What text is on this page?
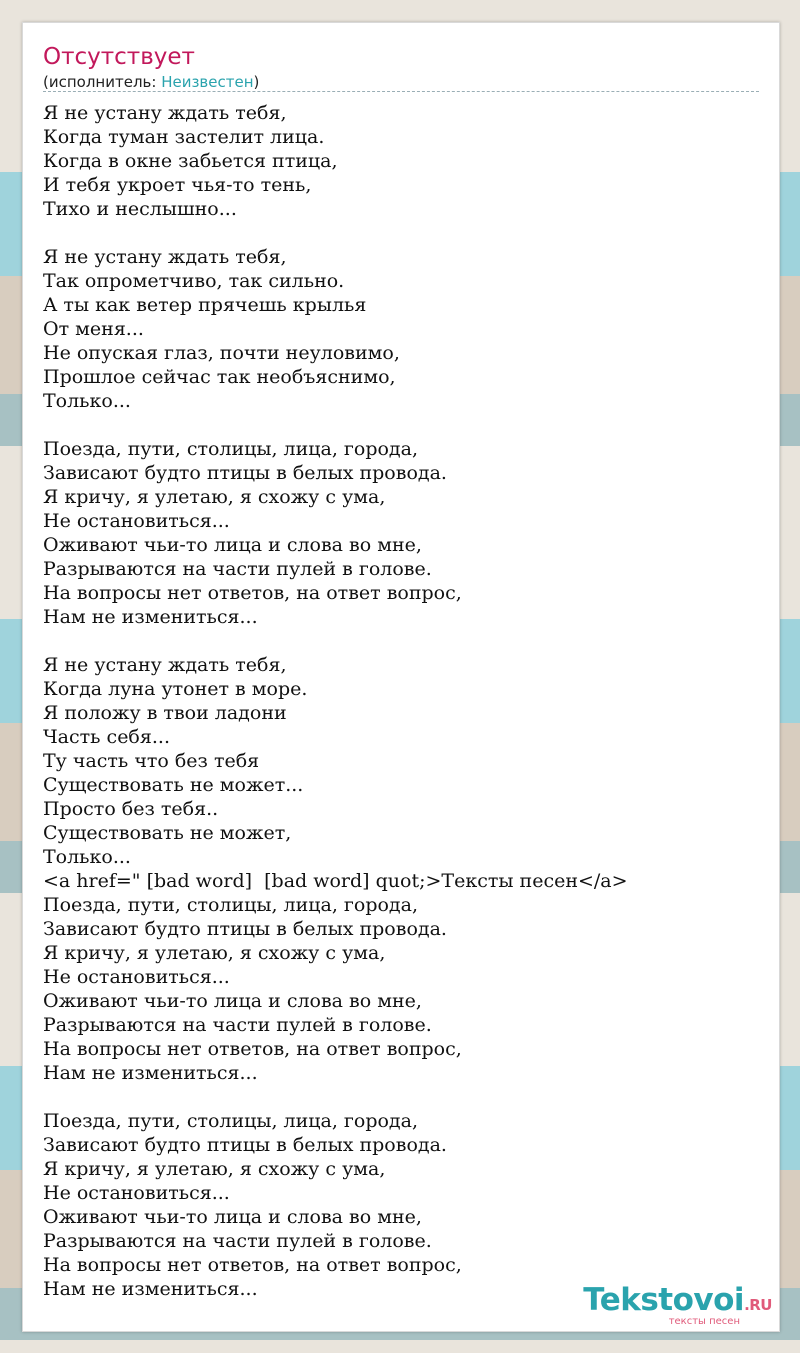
Отсутствует
(исполнитель: Неизвестен)
Я не устану ждать тебя,
Когда туман застелит лица.
Когда в окне забьется птица,
И тебя укроет чья-то тень,
Тихо и неслышно...
Я не устану ждать тебя,
Так опрометчиво, так сильно.
А ты как ветер прячешь крылья
От меня...
Не опуская глаз, почти неуловимо,
Прошлое сейчас так необъяснимо,
Только...
Поезда, пути, столицы, лица, города,
Зависают будто птицы в белых провода.
Я кричу, я улетаю, я схожу с ума,
Не остановиться...
Оживают чьи-то лица и слова во мне,
Разрываются на части пулей в голове.
На вопросы нет ответов, на ответ вопрос,
Нам не измениться...
Я не устану ждать тебя,
Когда луна утонет в море.
Я положу в твои ладони
Часть себя...
Ту часть что без тебя
Существовать не может...
Просто без тебя..
Существовать не может,
Только...
<a href=" [bad word]  [bad word] quot;>Тексты песен</a>
Поезда, пути, столицы, лица, города,
Зависают будто птицы в белых провода.
Я кричу, я улетаю, я схожу с ума,
Не остановиться...
Оживают чьи-то лица и слова во мне,
Разрываются на части пулей в голове.
На вопросы нет ответов, на ответ вопрос,
Нам не измениться...
Поезда, пути, столицы, лица, города,
Зависают будто птицы в белых провода.
Я кричу, я улетаю, я схожу с ума,
Не остановиться...
Оживают чьи-то лица и слова во мне,
Разрываются на части пулей в голове.
На вопросы нет ответов, на ответ вопрос,
Нам не измениться...	Tekstovoi.RU
тексты песен
